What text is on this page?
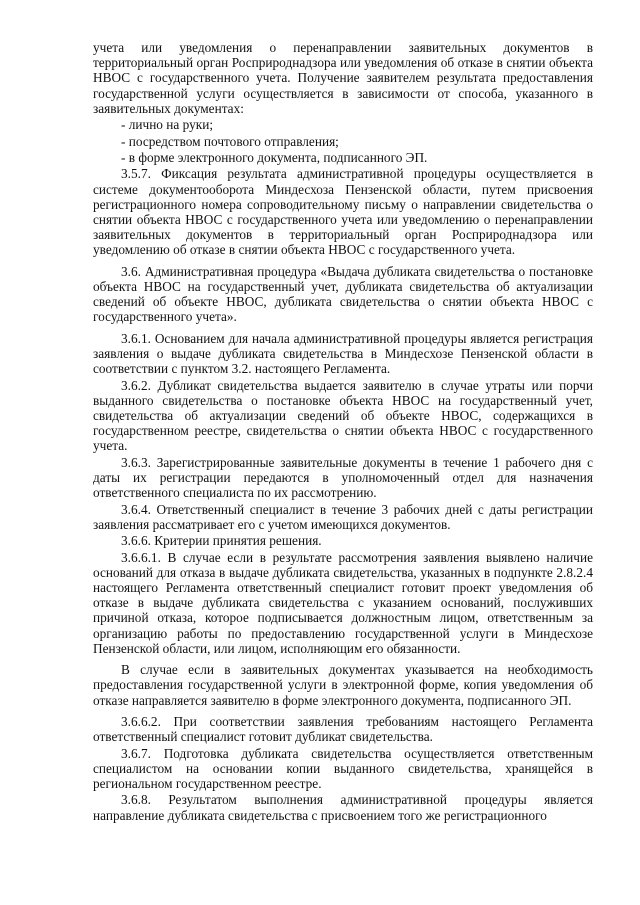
учета или уведомления о перенаправлении заявительных документов в территориальный орган Росприроднадзора или уведомления об отказе в снятии объекта НВОС с государственного учета. Получение заявителем результата предоставления государственной услуги осуществляется в зависимости от способа, указанного в заявительных документах:

- лично на руки;

- посредством почтового отправления;

- в форме электронного документа, подписанного ЭП.

3.5.7. Фиксация результата административной процедуры осуществляется в системе документооборота Миндесхоза Пензенской области, путем присвоения регистрационного номера сопроводительному письму о направлении свидетельства о снятии объекта НВОС с государственного учета или уведомлению о перенаправлении заявительных документов в территориальный орган Росприроднадзора или уведомлению об отказе в снятии объекта НВОС с государственного учета.

3.6. Административная процедура «Выдача дубликата свидетельства о постановке объекта НВОС на государственный учет, дубликата свидетельства об актуализации сведений об объекте НВОС, дубликата свидетельства о снятии объекта НВОС с государственного учета».

3.6.1. Основанием для начала административной процедуры является регистрация заявления о выдаче дубликата свидетельства в Миндесхозе Пензенской области в соответствии с пунктом 3.2. настоящего Регламента.

3.6.2. Дубликат свидетельства выдается заявителю в случае утраты или порчи выданного свидетельства о постановке объекта НВОС на государственный учет, свидетельства об актуализации сведений об объекте НВОС, содержащихся в государственном реестре, свидетельства о снятии объекта НВОС с государственного учета.

3.6.3. Зарегистрированные заявительные документы в течение 1 рабочего дня с даты их регистрации передаются в уполномоченный отдел для назначения ответственного специалиста по их рассмотрению.

3.6.4. Ответственный специалист в течение 3 рабочих дней с даты регистрации заявления рассматривает его с учетом имеющихся документов.

3.6.6. Критерии принятия решения.

3.6.6.1. В случае если в результате рассмотрения заявления выявлено наличие оснований для отказа в выдаче дубликата свидетельства, указанных в подпункте 2.8.2.4 настоящего Регламента ответственный специалист готовит проект уведомления об отказе в выдаче дубликата свидетельства с указанием оснований, послуживших причиной отказа, которое подписывается должностным лицом, ответственным за организацию работы по предоставлению государственной услуги в Миндесхозе Пензенской области, или лицом, исполняющим его обязанности.

В случае если в заявительных документах указывается на необходимость предоставления государственной услуги в электронной форме, копия уведомления об отказе направляется заявителю в форме электронного документа, подписанного ЭП.

3.6.6.2. При соответствии заявления требованиям настоящего Регламента ответственный специалист готовит дубликат свидетельства.

3.6.7. Подготовка дубликата свидетельства осуществляется ответственным специалистом на основании копии выданного свидетельства, хранящейся в региональном государственном реестре.

3.6.8. Результатом выполнения административной процедуры является направление дубликата свидетельства с присвоением того же регистрационного
